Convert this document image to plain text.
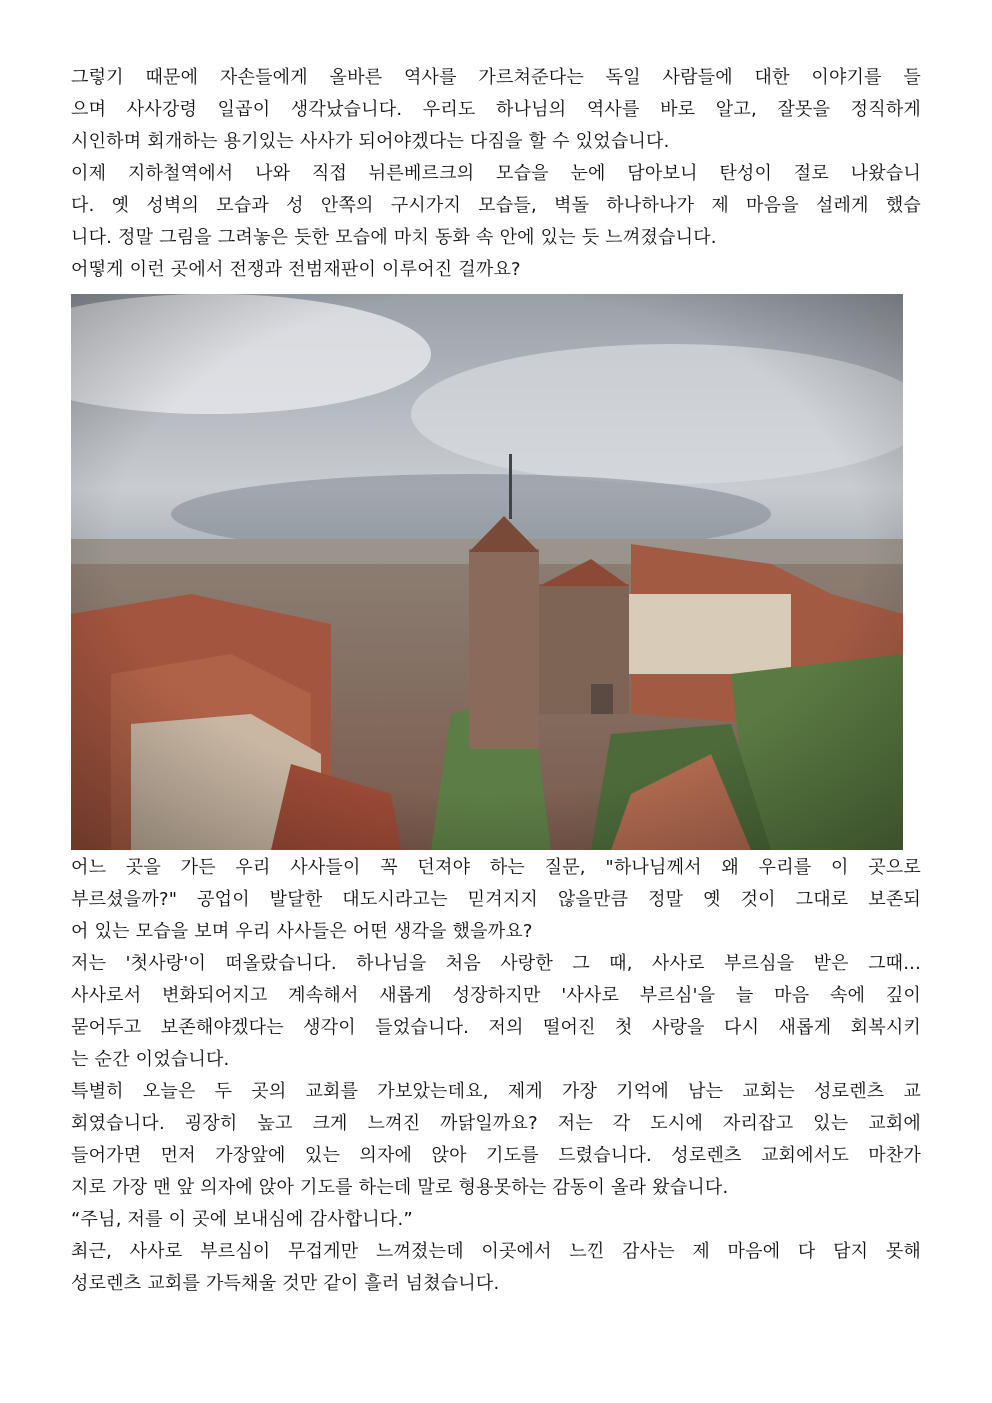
그렇기 때문에 자손들에게 올바른 역사를 가르쳐준다는 독일 사람들에 대한 이야기를 들
으며 사사강령 일곱이 생각났습니다. 우리도 하나님의 역사를 바로 알고, 잘못을 정직하게
시인하며 회개하는 용기있는 사사가 되어야겠다는 다짐을 할 수 있었습니다.
이제 지하철역에서 나와 직접 뉘른베르크의 모습을 눈에 담아보니 탄성이 절로 나왔습니
다. 옛 성벽의 모습과 성 안쪽의 구시가지 모습들, 벽돌 하나하나가 제 마음을 설레게 했습
니다. 정말 그림을 그려놓은 듯한 모습에 마치 동화 속 안에 있는 듯 느껴졌습니다.
어떻게 이런 곳에서 전쟁과 전범재판이 이루어진 걸까요?
어느 곳을 가든 우리 사사들이 꼭 던져야 하는 질문, "하나님께서 왜 우리를 이 곳으로
부르셨을까?" 공업이 발달한 대도시라고는 믿겨지지 않을만큼 정말 옛 것이 그대로 보존되
어 있는 모습을 보며 우리 사사들은 어떤 생각을 했을까요?
저는 '첫사랑'이 떠올랐습니다. 하나님을 처음 사랑한 그 때, 사사로 부르심을 받은 그때...
사사로서 변화되어지고 계속해서 새롭게 성장하지만 '사사로 부르심'을 늘 마음 속에 깊이
묻어두고 보존해야겠다는 생각이 들었습니다. 저의 떨어진 첫 사랑을 다시 새롭게 회복시키
는 순간 이었습니다.
특별히 오늘은 두 곳의 교회를 가보았는데요, 제게 가장 기억에 남는 교회는 성로렌츠 교
회였습니다. 굉장히 높고 크게 느껴진 까닭일까요? 저는 각 도시에 자리잡고 있는 교회에
들어가면 먼저 가장앞에 있는 의자에 앉아 기도를 드렸습니다. 성로렌츠 교회에서도 마찬가
지로 가장 맨 앞 의자에 앉아 기도를 하는데 말로 형용못하는 감동이 올라 왔습니다.
“주님, 저를 이 곳에 보내심에 감사합니다.”
최근, 사사로 부르심이 무겁게만 느껴졌는데 이곳에서 느낀 감사는 제 마음에 다 담지 못해
성로렌츠 교회를 가득채울 것만 같이 흘러 넘쳤습니다.
